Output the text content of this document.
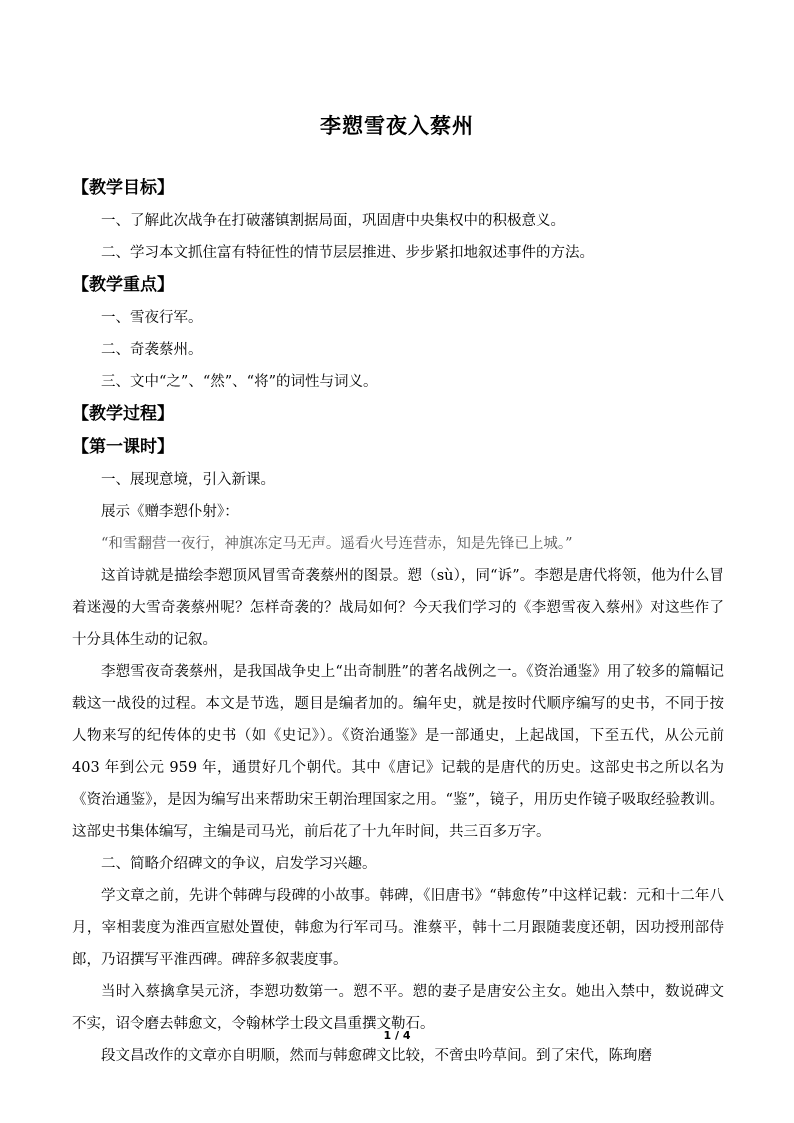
李愬雪夜入蔡州
【教学目标】

一、了解此次战争在打破藩镇割据局面，巩固唐中央集权中的积极意义。

二、学习本文抓住富有特征性的情节层层推进、步步紧扣地叙述事件的方法。

【教学重点】

一、雪夜行军。

二、奇袭蔡州。

三、文中“之”、“然”、“将”的词性与词义。

【教学过程】
【第一课时】

一、展现意境，引入新课。

展示《赠李愬仆射》：

“和雪翻营一夜行，神旗冻定马无声。遥看火号连营赤，知是先锋已上城。”

这首诗就是描绘李愬顶风冒雪奇袭蔡州的图景。愬（sù），同“诉”。李愬是唐代将领，他为什么冒着迷漫的大雪奇袭蔡州呢？怎样奇袭的？战局如何？今天我们学习的《李愬雪夜入蔡州》对这些作了十分具体生动的记叙。

李愬雪夜奇袭蔡州，是我国战争史上“出奇制胜”的著名战例之一。《资治通鉴》用了较多的篇幅记载这一战役的过程。本文是节选，题目是编者加的。编年史，就是按时代顺序编写的史书，不同于按人物来写的纪传体的史书（如《史记》）。《资治通鉴》是一部通史，上起战国，下至五代，从公元前 403 年到公元 959 年，通贯好几个朝代。其中《唐记》记载的是唐代的历史。这部史书之所以名为《资治通鉴》，是因为编写出来帮助宋王朝治理国家之用。“鉴”，镜子，用历史作镜子吸取经验教训。这部史书集体编写，主编是司马光，前后花了十九年时间，共三百多万字。

二、简略介绍碑文的争议，启发学习兴趣。

学文章之前，先讲个韩碑与段碑的小故事。韩碑，《旧唐书》“韩愈传”中这样记载：元和十二年八月，宰相裴度为淮西宣慰处置使，韩愈为行军司马。淮蔡平，韩十二月跟随裴度还朝，因功授刑部侍郎，乃诏撰写平淮西碑。碑辞多叙裴度事。

当时入蔡擒拿吴元济，李愬功数第一。愬不平。愬的妻子是唐安公主女。她出入禁中，数说碑文不实，诏令磨去韩愈文，令翰林学士段文昌重撰文勒石。

段文昌改作的文章亦自明顺，然而与韩愈碑文比较，不啻虫吟草间。到了宋代，陈珣磨

1 / 4
